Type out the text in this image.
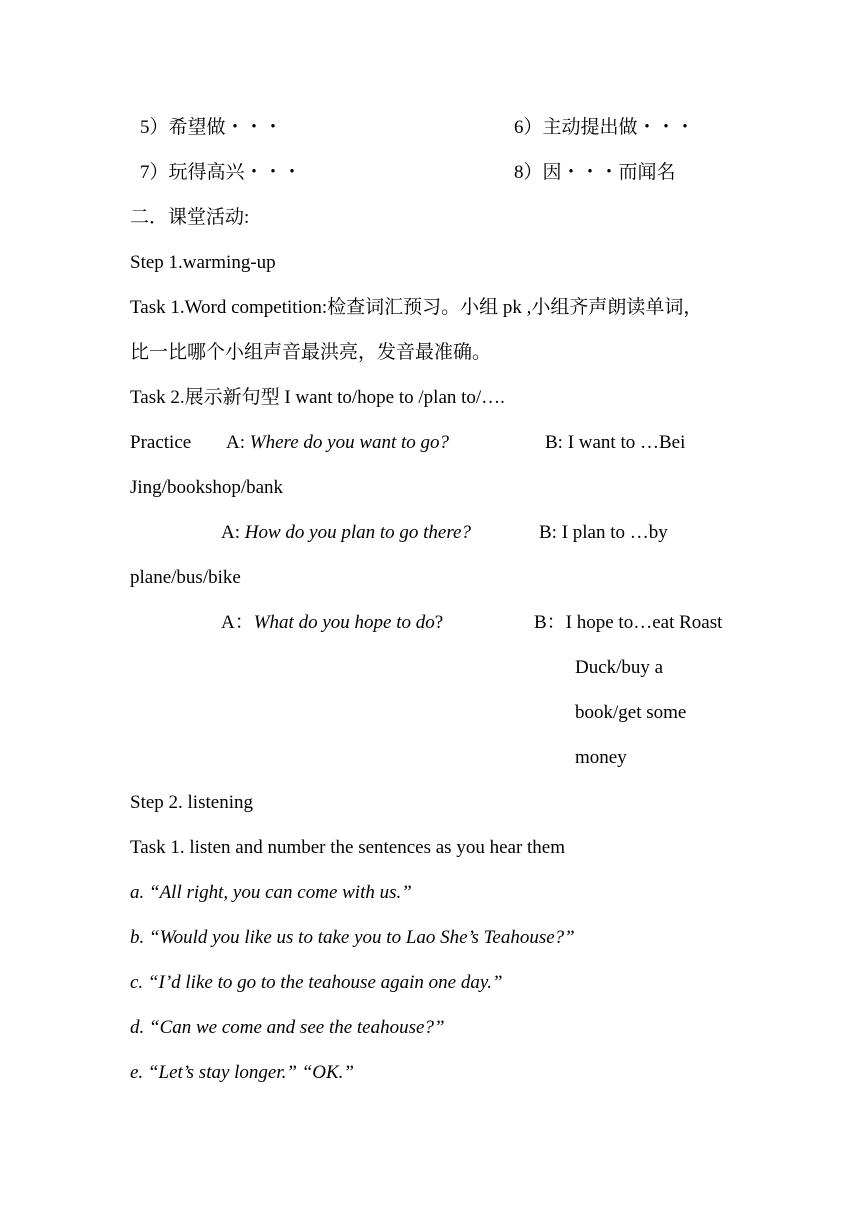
5）希望做・・・	6）主动提出做・・・
7）玩得高兴・・・	8）因・・・而闻名
二．课堂活动:
Step 1.warming-up
Task 1.Word competition:检查词汇预习。小组 pk ,小组齐声朗读单词，
比一比哪个小组声音最洪亮，发音最准确。
Task 2.展示新句型 I want to/hope to /plan to/….
Practice A: Where do you want to go?	B: I want to …Bei
Jing/bookshop/bank
A: How do you plan to go there?	B: I plan to …by
plane/bus/bike
A：What do you hope to do?	B：I hope to…eat Roast
Duck/buy a
book/get some
money
Step 2. listening
Task 1. listen and number the sentences as you hear them
a. “All right, you can come with us.”
b. “Would you like us to take you to Lao She’s Teahouse?”
c. “I’d like to go to the teahouse again one day.”
d. “Can we come and see the teahouse?”
e. “Let’s stay longer.” “OK.”
